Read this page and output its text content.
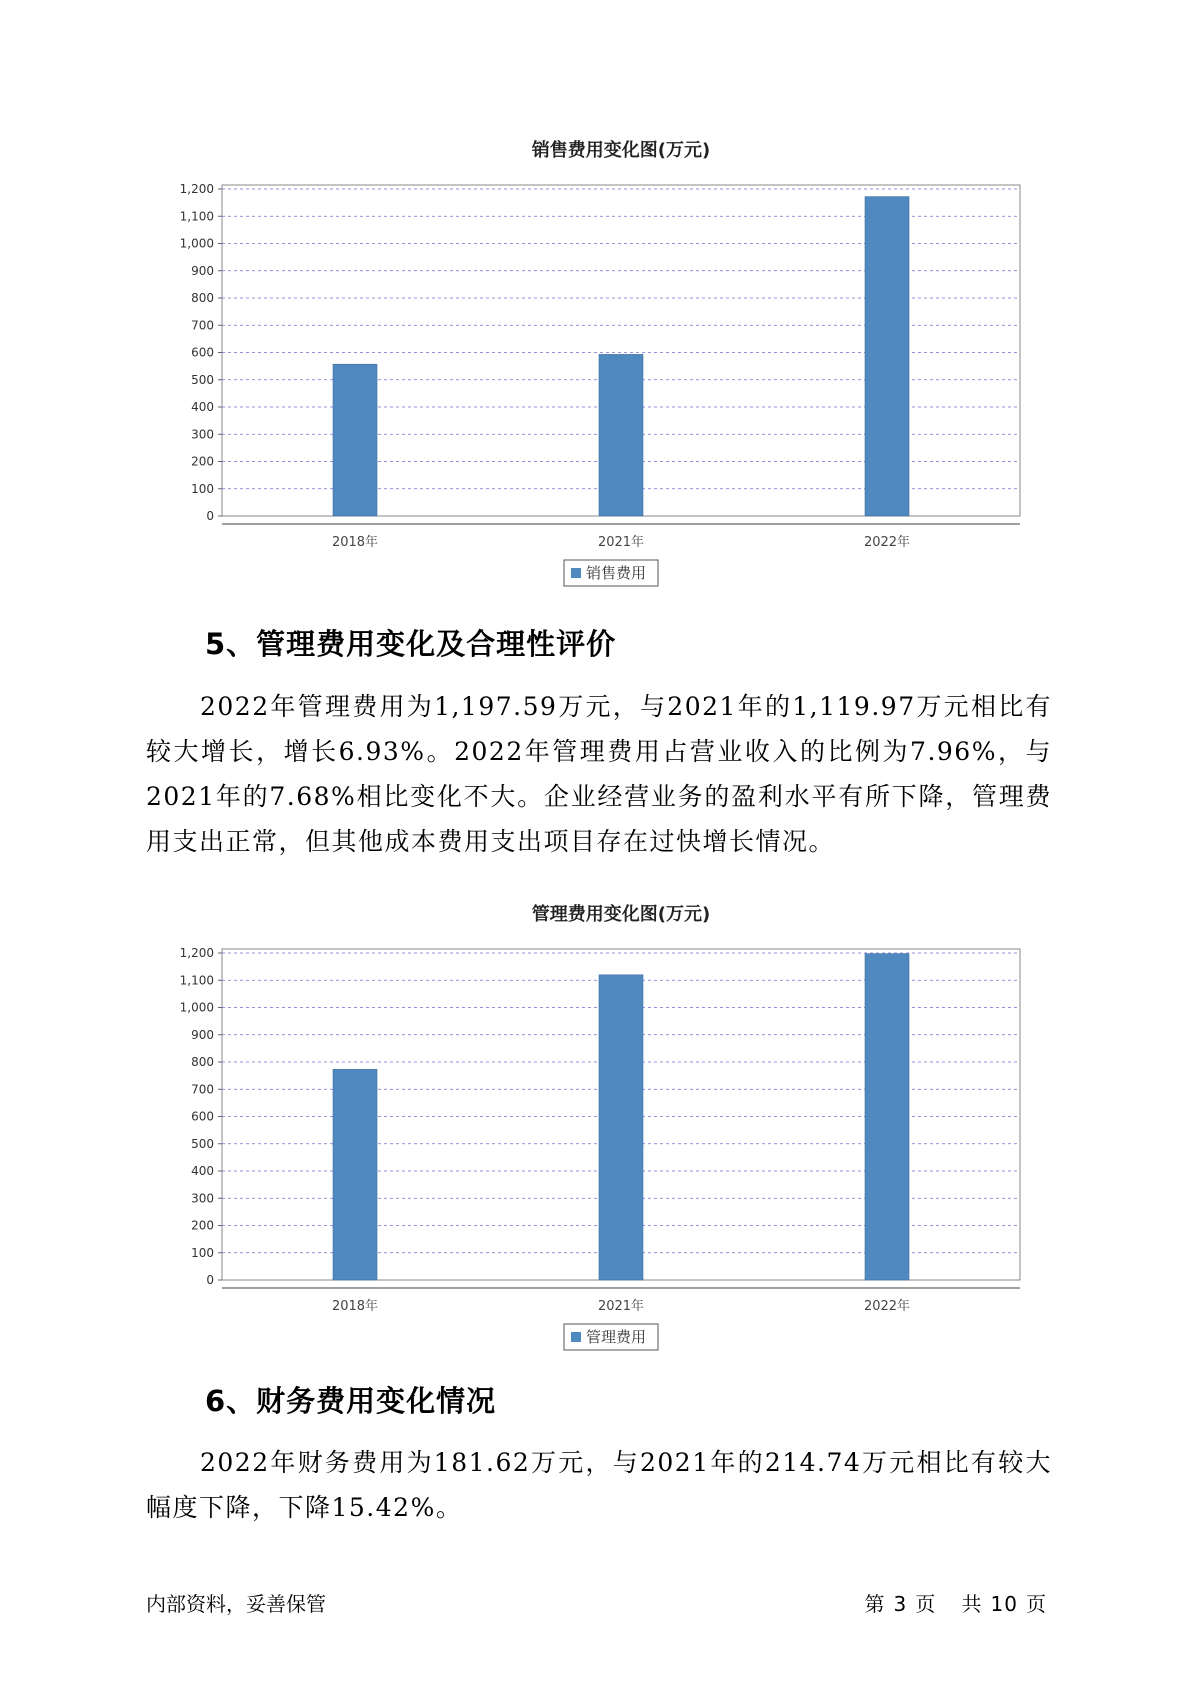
销售费用变化图(万元)
0
100
200
300
400
500
600
700
800
900
1,000
1,100
1,200
2018年	2021年	2022年
销售费用
5、管理费用变化及合理性评价

2022年管理费用为1,197.59万元，与2021年的1,119.97万元相比有较大增长，增长6.93%。2022年管理费用占营业收入的比例为7.96%，与2021年的7.68%相比变化不大。企业经营业务的盈利水平有所下降，管理费用支出正常，但其他成本费用支出项目存在过快增长情况。

管理费用变化图(万元)
0
100
200
300
400
500
600
700
800
900
1,000
1,100
1,200
2018年	2021年	2022年
管理费用
6、财务费用变化情况

2022年财务费用为181.62万元，与2021年的214.74万元相比有较大幅度下降，下降15.42%。

内部资料，妥善保管	第 3 页 共 10 页
